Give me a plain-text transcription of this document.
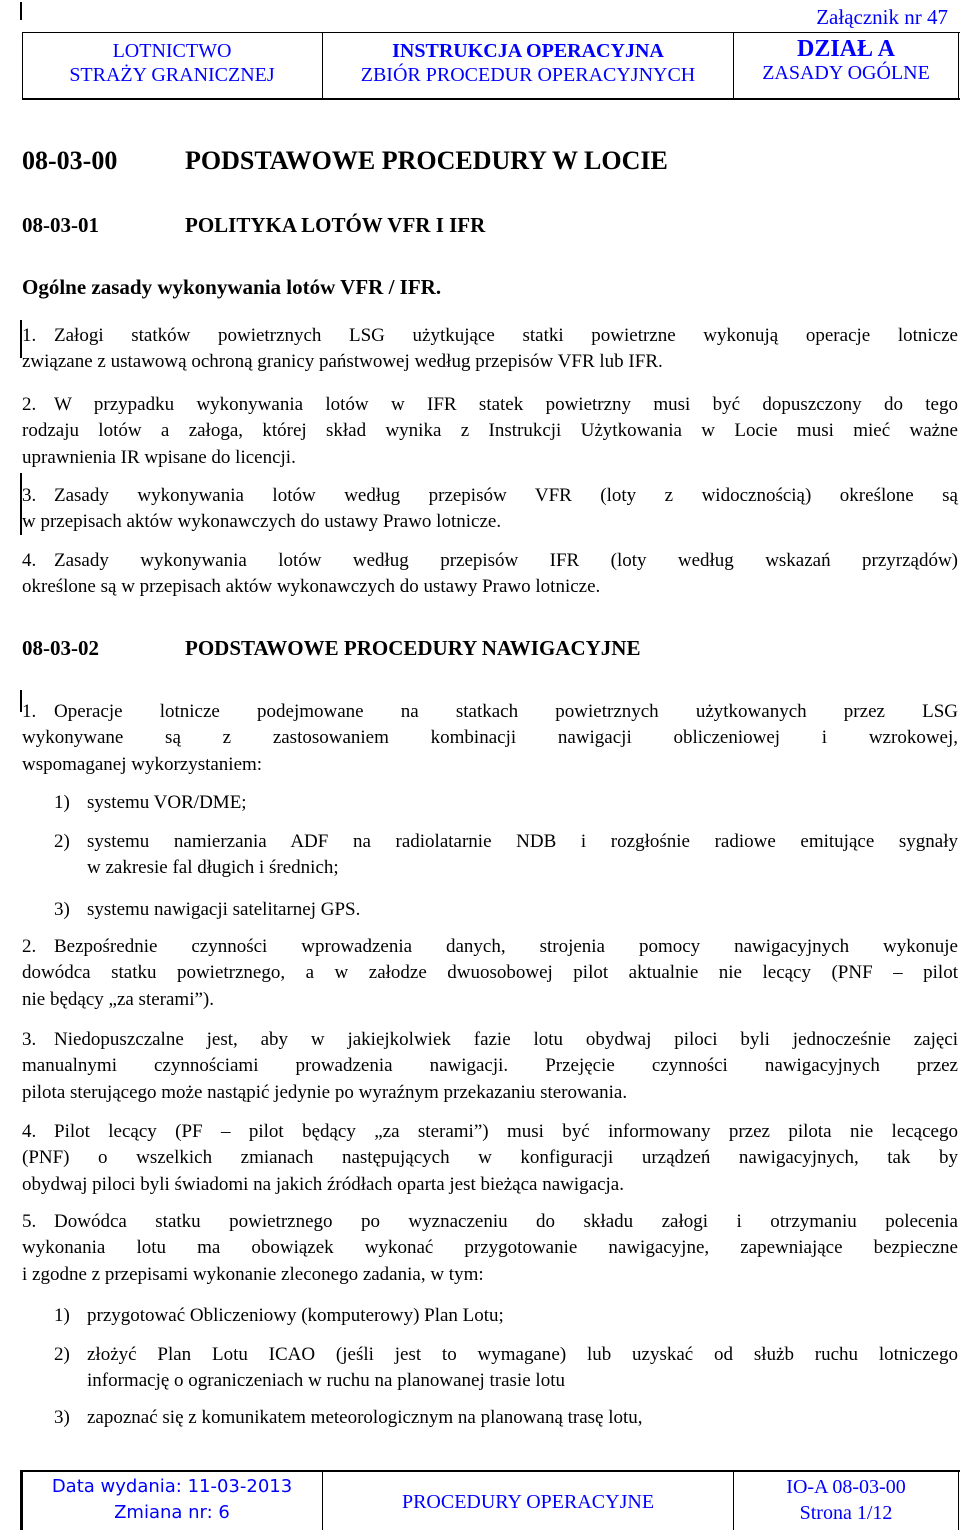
Załącznik nr 47
LOTNICTWO
STRAŻY GRANICZNEJ
INSTRUKCJA OPERACYJNA
ZBIÓR PROCEDUR OPERACYJNYCH
DZIAŁ A
ZASADY OGÓLNE
08-03-00	PODSTAWOWE PROCEDURY W LOCIE
08-03-01	POLITYKA LOTÓW VFR I IFR
Ogólne zasady wykonywania lotów VFR / IFR.
1. Załogi statków powietrznych LSG użytkujące statki powietrzne wykonują operacje lotnicze
związane z ustawową ochroną granicy państwowej według przepisów VFR lub IFR.
2. W przypadku wykonywania lotów w IFR statek powietrzny musi być dopuszczony do tego
rodzaju lotów a załoga, której skład wynika z Instrukcji Użytkowania w Locie musi mieć ważne
uprawnienia IR wpisane do licencji.
3. Zasady wykonywania lotów według przepisów VFR (loty z widocznością) określone są
w przepisach aktów wykonawczych do ustawy Prawo lotnicze.
4. Zasady wykonywania lotów według przepisów IFR (loty według wskazań przyrządów)
określone są w przepisach aktów wykonawczych do ustawy Prawo lotnicze.
08-03-02	PODSTAWOWE PROCEDURY NAWIGACYJNE
1. Operacje lotnicze podejmowane na statkach powietrznych użytkowanych przez LSG
wykonywane są z zastosowaniem kombinacji nawigacji obliczeniowej i wzrokowej,
wspomaganej wykorzystaniem:
1) systemu VOR/DME;
2) systemu namierzania ADF na radiolatarnie NDB i rozgłośnie radiowe emitujące sygnały
w zakresie fal długich i średnich;
3) systemu nawigacji satelitarnej GPS.
2. Bezpośrednie czynności wprowadzenia danych, strojenia pomocy nawigacyjnych wykonuje
dowódca statku powietrznego, a w załodze dwuosobowej pilot aktualnie nie lecący (PNF – pilot
nie będący „za sterami”).
3. Niedopuszczalne jest, aby w jakiejkolwiek fazie lotu obydwaj piloci byli jednocześnie zajęci
manualnymi czynnościami prowadzenia nawigacji. Przejęcie czynności nawigacyjnych przez
pilota sterującego może nastąpić jedynie po wyraźnym przekazaniu sterowania.
4. Pilot lecący (PF – pilot będący „za sterami”) musi być informowany przez pilota nie lecącego
(PNF) o wszelkich zmianach następujących w konfiguracji urządzeń nawigacyjnych, tak by
obydwaj piloci byli świadomi na jakich źródłach oparta jest bieżąca nawigacja.
5. Dowódca statku powietrznego po wyznaczeniu do składu załogi i otrzymaniu polecenia
wykonania lotu ma obowiązek wykonać przygotowanie nawigacyjne, zapewniające bezpieczne
i zgodne z przepisami wykonanie zleconego zadania, w tym:
1) przygotować Obliczeniowy (komputerowy) Plan Lotu;
2) złożyć Plan Lotu ICAO (jeśli jest to wymagane) lub uzyskać od służb ruchu lotniczego
informację o ograniczeniach w ruchu na planowanej trasie lotu
3) zapoznać się z komunikatem meteorologicznym na planowaną trasę lotu,
Data wydania: 11-03-2013
Zmiana nr: 6	PROCEDURY OPERACYJNE
IO-A 08-03-00
Strona 1/12
